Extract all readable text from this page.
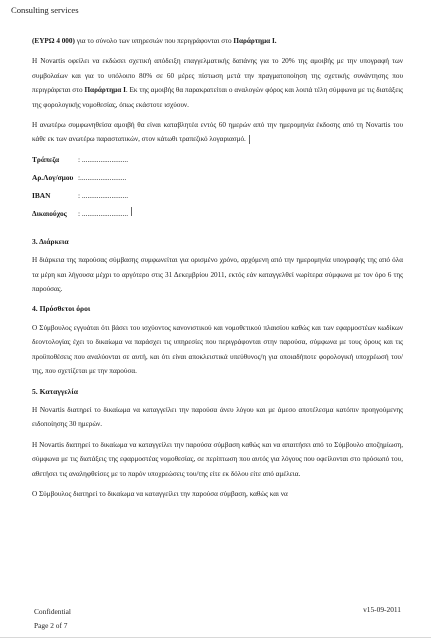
Consulting services

(ΕΥΡΩ 4 000) για το σύνολο των υπηρεσιών που περιγράφονται στο Παράρτημα Ι.

Η Novartis οφείλει να εκδώσει σχετική απόδειξη επαγγελματικής δαπάνης για το 20% της αμοιβής με την υπογραφή των συμβολαίων και για το υπόλοιπο 80% σε 60 μέρες πίστωση μετά την πραγματοποίηση της σχετικής συνάντησης που περιγράφεται στο Παράρτημα Ι. Εκ της αμοιβής θα παρακρατείται ο αναλογών φόρος και λοιπά τέλη σύμφωνα με τις διατάξεις της φορολογικής νομοθεσίας, όπως εκάστοτε ισχύουν.

Η ανωτέρω συμφωνηθείσα αμοιβή θα είναι καταβλητέα εντός 60 ημερών από την ημερομηνία έκδοσης από τη Novartis του κάθε εκ των ανωτέρω παραστατικών, στον κάτωθι τραπεζικό λογαριασμό.

Τράπεζα	: .........................
Αρ.Λογ/σμου :.........................
IBAN	: .........................
Δικαιούχος	: .........................

3. Διάρκεια

Η διάρκεια της παρούσας σύμβασης συμφωνείται για ορισμένο χρόνο, αρχόμενη από την ημερομηνία υπογραφής της από όλα τα μέρη και λήγουσα μέχρι το αργότερο στις 31 Δεκεμβρίου 2011, εκτός εάν καταγγελθεί νωρίτερα σύμφωνα με τον όρο 6 της παρούσας.

4. Πρόσθετοι όροι

Ο Σύμβουλος εγγυάται ότι βάσει του ισχύοντος κανονιστικού και νομοθετικού πλαισίου καθώς και των εφαρμοστέων κωδίκων δεοντολογίας έχει το δικαίωμα να παράσχει τις υπηρεσίες που περιγράφονται στην παρούσα, σύμφωνα με τους όρους και τις προϋποθέσεις που αναλύονται σε αυτή, και ότι είναι αποκλειστικά υπεύθυνος/η για οποιαδήποτε φορολογική υποχρέωσή του/της, που σχετίζεται με την παρούσα.

5. Καταγγελία

Η Novartis διατηρεί το δικαίωμα να καταγγείλει την παρούσα άνευ λόγου και με άμεσο αποτέλεσμα κατόπιν προηγούμενης ειδοποίησης 30 ημερών.

Η Novartis διατηρεί το δικαίωμα να καταγγείλει την παρούσα σύμβαση καθώς και να απαιτήσει από το Σύμβουλο αποζημίωση, σύμφωνα με τις διατάξεις της εφαρμοστέας νομοθεσίας, σε περίπτωση που αυτός για λόγους που οφείλονται στο πρόσωπό του, αθετήσει τις αναληφθείσες με το παρόν υποχρεώσεις του/της είτε εκ δόλου είτε από αμέλεια.

Ο Σύμβουλος διατηρεί το δικαίωμα να καταγγείλει την παρούσα σύμβαση, καθώς και να

Confidential
Page 2 of 7
v15-09-2011
